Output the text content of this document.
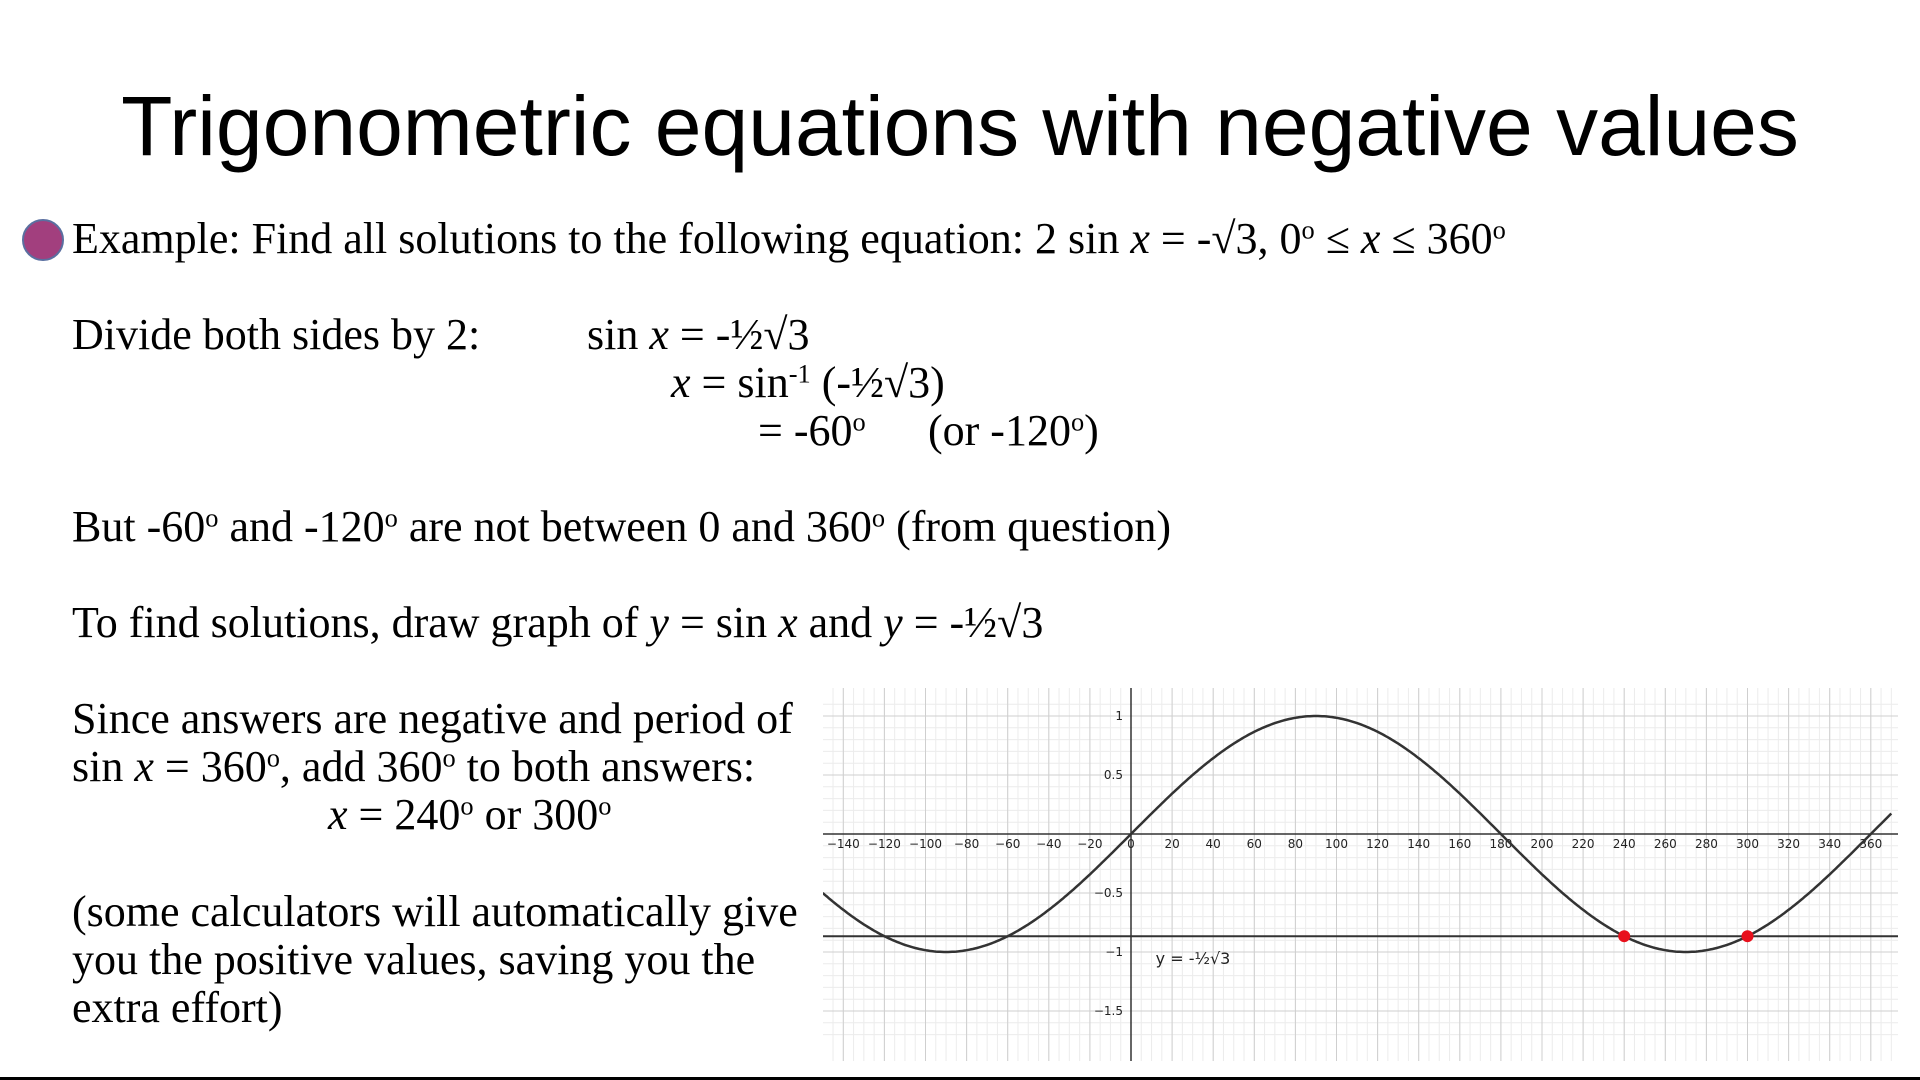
Trigonometric equations with negative values
Example: Find all solutions to the following equation: 2 sin x = -√3, $0^o \le x \le 360^o$
Divide both sides by 2: sin x = -½√3
$x = \sin^{-1}$ (-½√3)
= $-60^o$ (or -120$^o$)
But -60$^o$ and -120$^o$ are not between 0 and 360$^o$ (from question)
To find solutions, draw graph of y = sin x and y = -½√3
Since answers are negative and period of
$\sin x = 360^o$, add 360$^o$ to both answers:
$x = 240^o$ or 300$^o$
(some calculators will automatically give
you the positive values, saving you the
extra effort)
−140 −120 −100 −80 −60 −40 −20 0 20 40 60 80 100 120 140 160 180 200 220 240 260 280 300 320 340 360
1
0.5
−0.5
−1
−1.5
y = -½√3
